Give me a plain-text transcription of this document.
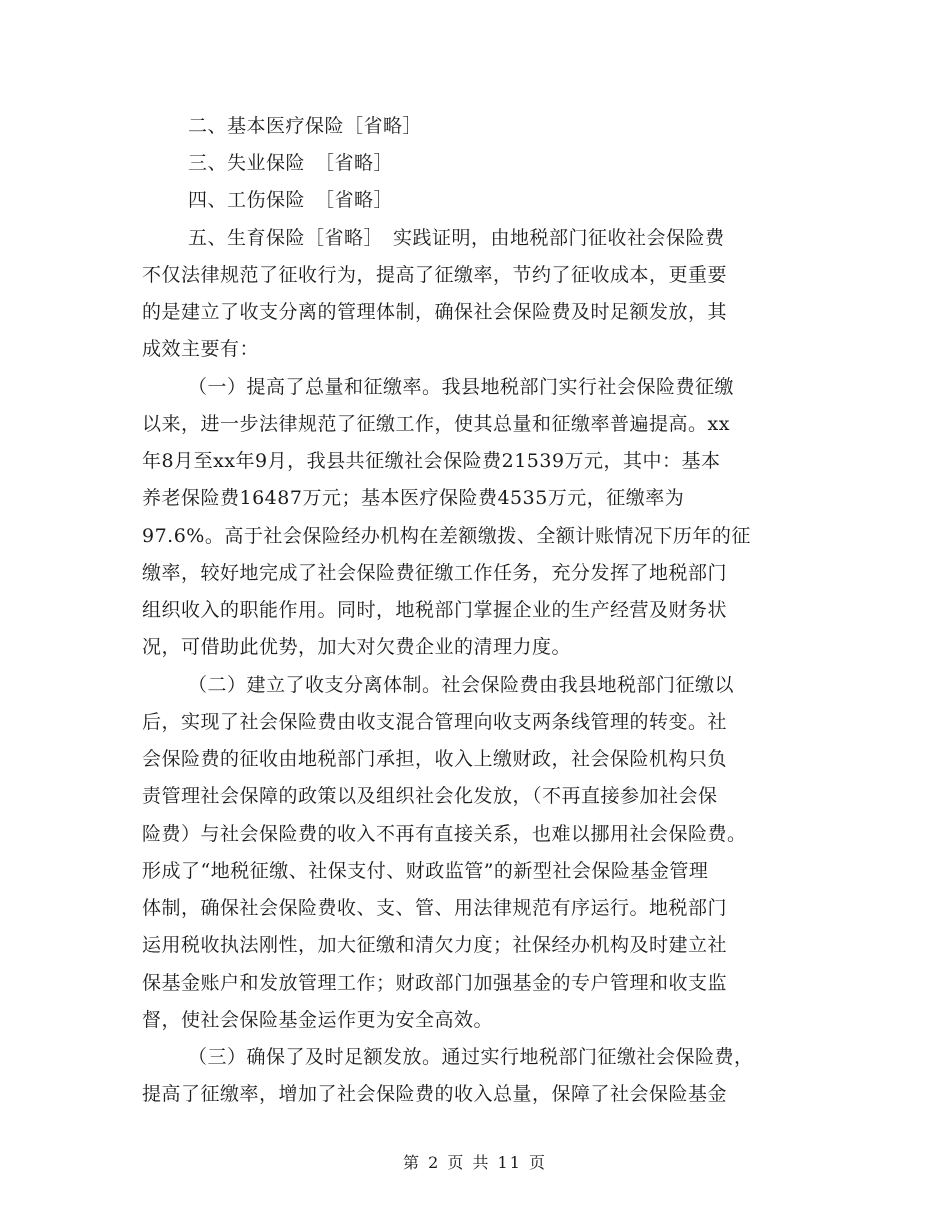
二、基本医疗保险［省略］
三、失业保险　［省略］
四、工伤保险　［省略］
五、生育保险［省略］　实践证明，由地税部门征收社会保险费
不仅法律规范了征收行为，提高了征缴率，节约了征收成本，更重要
的是建立了收支分离的管理体制，确保社会保险费及时足额发放，其
成效主要有：
（一）提高了总量和征缴率。我县地税部门实行社会保险费征缴
以来，进一步法律规范了征缴工作，使其总量和征缴率普遍提高。xx
年8月至xx年9月，我县共征缴社会保险费21539万元，其中：基本
养老保险费16487万元；基本医疗保险费4535万元，征缴率为
97.6%。高于社会保险经办机构在差额缴拨、全额计账情况下历年的征
缴率，较好地完成了社会保险费征缴工作任务，充分发挥了地税部门
组织收入的职能作用。同时，地税部门掌握企业的生产经营及财务状
况，可借助此优势，加大对欠费企业的清理力度。
（二）建立了收支分离体制。社会保险费由我县地税部门征缴以
后，实现了社会保险费由收支混合管理向收支两条线管理的转变。社
会保险费的征收由地税部门承担，收入上缴财政，社会保险机构只负
责管理社会保障的政策以及组织社会化发放，（不再直接参加社会保
险费）与社会保险费的收入不再有直接关系，也难以挪用社会保险费。
形成了“地税征缴、社保支付、财政监管”的新型社会保险基金管理
体制，确保社会保险费收、支、管、用法律规范有序运行。地税部门
运用税收执法刚性，加大征缴和清欠力度；社保经办机构及时建立社
保基金账户和发放管理工作；财政部门加强基金的专户管理和收支监
督，使社会保险基金运作更为安全高效。
（三）确保了及时足额发放。通过实行地税部门征缴社会保险费，
提高了征缴率，增加了社会保险费的收入总量，保障了社会保险基金
第 2 页 共 11 页
